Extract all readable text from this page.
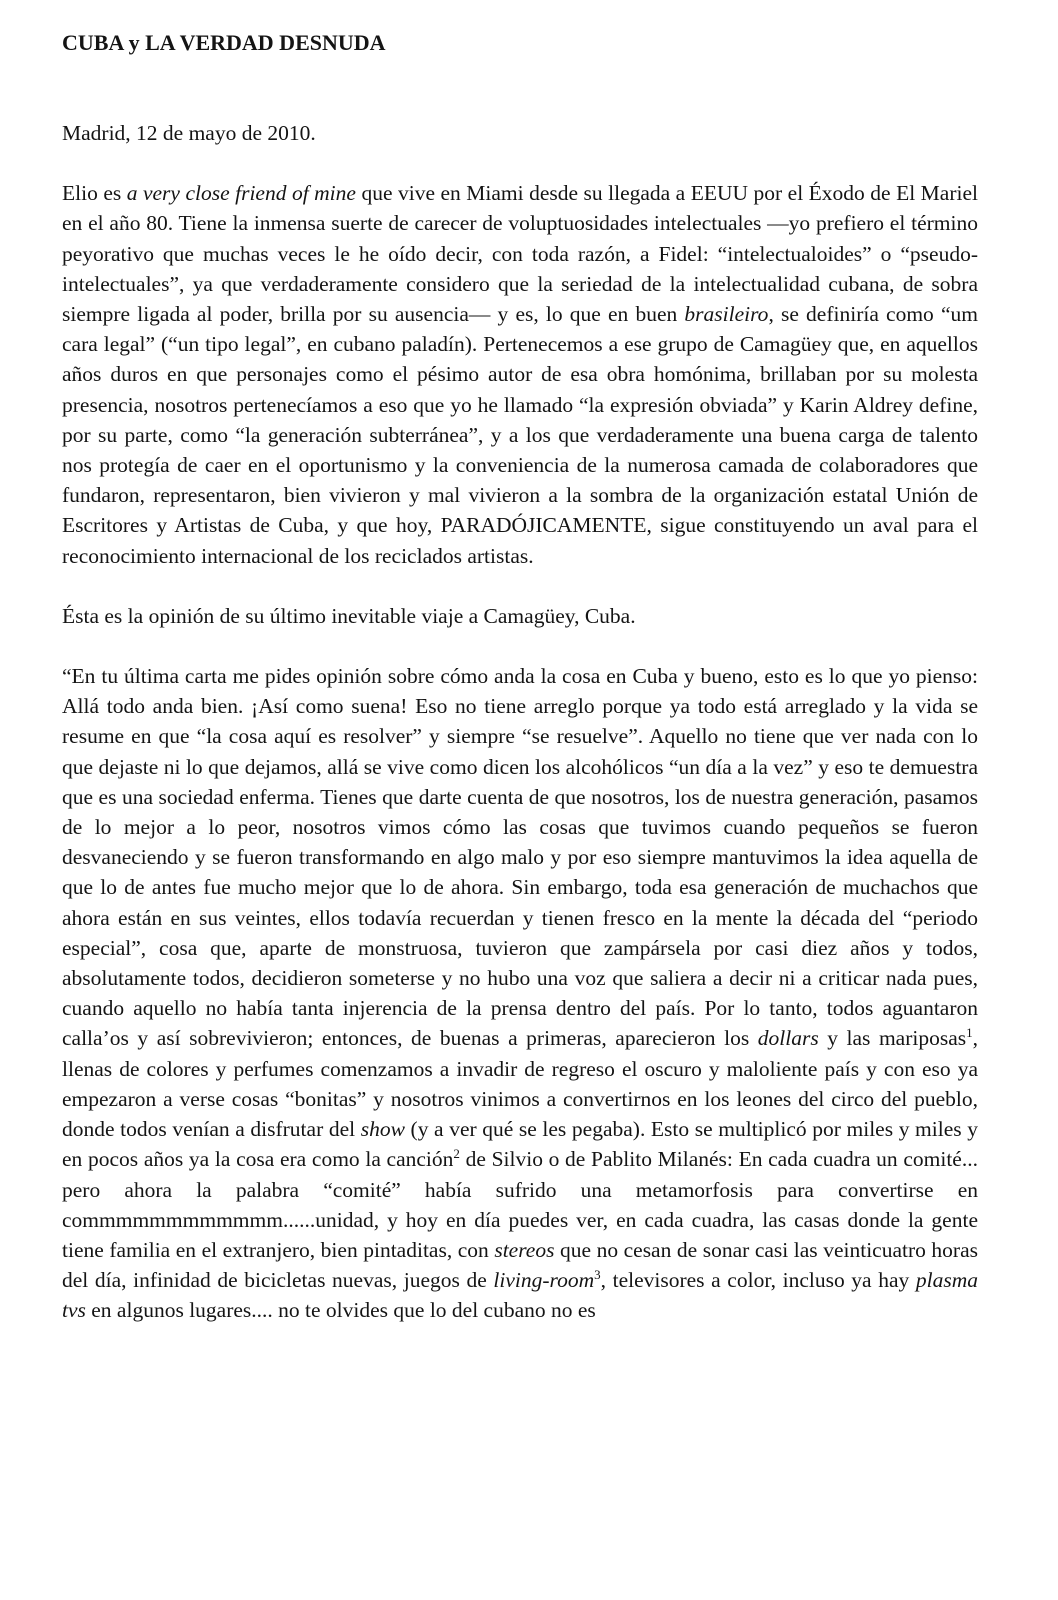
CUBA y LA VERDAD DESNUDA
Madrid, 12 de mayo de 2010.
Elio es a very close friend of mine que vive en Miami desde su llegada a EEUU por el Éxodo de El Mariel en el año 80. Tiene la inmensa suerte de carecer de voluptuosidades intelectuales —yo prefiero el término peyorativo que muchas veces le he oído decir, con toda razón, a Fidel: “intelectualoides” o “pseudo-intelectuales”, ya que verdaderamente considero que la seriedad de la intelectualidad cubana, de sobra siempre ligada al poder, brilla por su ausencia— y es, lo que en buen brasileiro, se definiría como “um cara legal” (“un tipo legal”, en cubano paladín). Pertenecemos a ese grupo de Camagüey que, en aquellos años duros en que personajes como el pésimo autor de esa obra homónima, brillaban por su molesta presencia, nosotros pertenecíamos a eso que yo he llamado “la expresión obviada” y Karin Aldrey define, por su parte, como “la generación subterránea”, y a los que verdaderamente una buena carga de talento nos protegía de caer en el oportunismo y la conveniencia de la numerosa camada de colaboradores que fundaron, representaron, bien vivieron y mal vivieron a la sombra de la organización estatal Unión de Escritores y Artistas de Cuba, y que hoy, PARADÓJICAMENTE, sigue constituyendo un aval para el reconocimiento internacional de los reciclados artistas.
Ésta es la opinión de su último inevitable viaje a Camagüey, Cuba.
“En tu última carta me pides opinión sobre cómo anda la cosa en Cuba y bueno, esto es lo que yo pienso: Allá todo anda bien. ¡Así como suena! Eso no tiene arreglo porque ya todo está arreglado y la vida se resume en que “la cosa aquí es resolver” y siempre “se resuelve”. Aquello no tiene que ver nada con lo que dejaste ni lo que dejamos, allá se vive como dicen los alcohólicos “un día a la vez” y eso te demuestra que es una sociedad enferma. Tienes que darte cuenta de que nosotros, los de nuestra generación, pasamos de lo mejor a lo peor, nosotros vimos cómo las cosas que tuvimos cuando pequeños se fueron desvaneciendo y se fueron transformando en algo malo y por eso siempre mantuvimos la idea aquella de que lo de antes fue mucho mejor que lo de ahora. Sin embargo, toda esa generación de muchachos que ahora están en sus veintes, ellos todavía recuerdan y tienen fresco en la mente la década del “periodo especial”, cosa que, aparte de monstruosa, tuvieron que zampársela por casi diez años y todos, absolutamente todos, decidieron someterse y no hubo una voz que saliera a decir ni a criticar nada pues, cuando aquello no había tanta injerencia de la prensa dentro del país. Por lo tanto, todos aguantaron calla’os y así sobrevivieron; entonces, de buenas a primeras, aparecieron los dollars y las mariposas$^1$, llenas de colores y perfumes comenzamos a invadir de regreso el oscuro y maloliente país y con eso ya empezaron a verse cosas “bonitas” y nosotros vinimos a convertirnos en los leones del circo del pueblo, donde todos venían a disfrutar del show (y a ver qué se les pegaba). Esto se multiplicó por miles y miles y en pocos años ya la cosa era como la canción$^2$ de Silvio o de Pablito Milanés: En cada cuadra un comité... pero ahora la palabra “comité” había sufrido una metamorfosis para convertirse en commmmmmmmmmmm......unidad, y hoy en día puedes ver, en cada cuadra, las casas donde la gente tiene familia en el extranjero, bien pintaditas, con stereos que no cesan de sonar casi las veinticuatro horas del día, infinidad de bicicletas nuevas, juegos de living-room$^3$, televisores a color, incluso ya hay plasma tvs en algunos lugares.... no te olvides que lo del cubano no es
